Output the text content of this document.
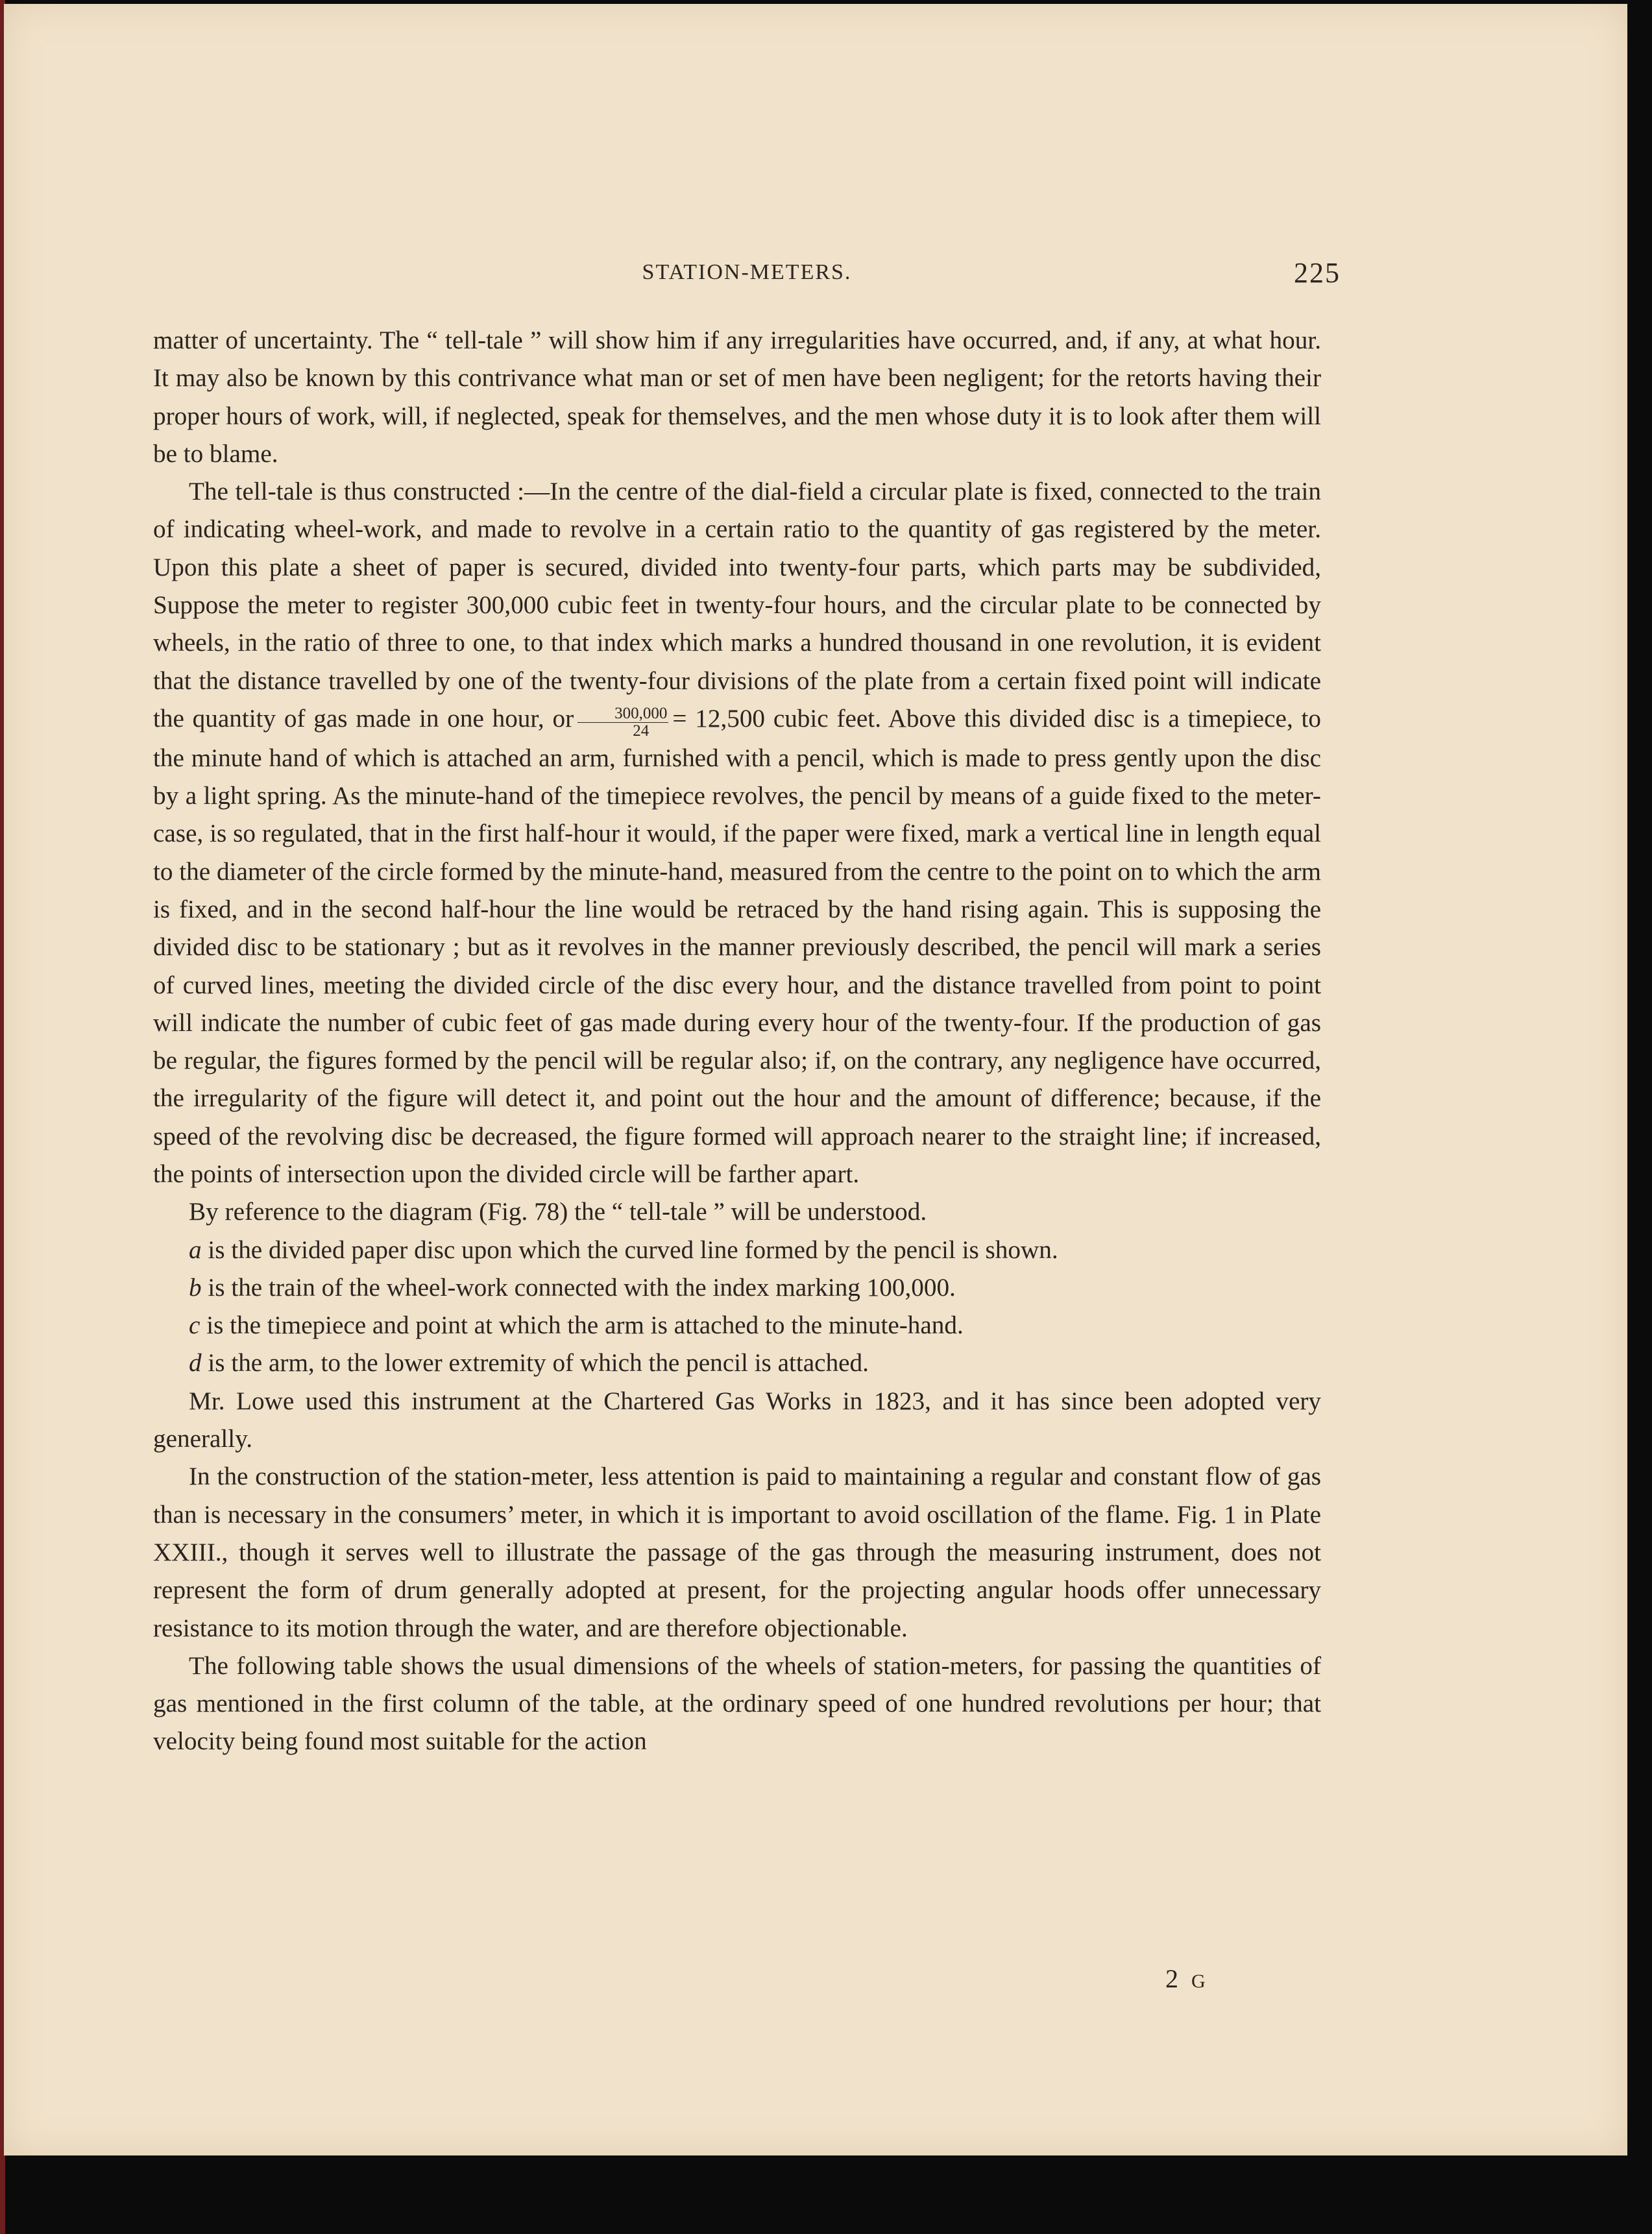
STATION-METERS.	225

matter of uncertainty. The “ tell-tale ” will show him if any irregularities have occurred, and, if any, at what hour. It may also be known by this contrivance what man or set of men have been negligent; for the retorts having their proper hours of work, will, if neglected, speak for themselves, and the men whose duty it is to look after them will be to blame.

The tell-tale is thus constructed :—In the centre of the dial-field a circular plate is fixed, connected to the train of indicating wheel-work, and made to revolve in a certain ratio to the quantity of gas registered by the meter. Upon this plate a sheet of paper is secured, divided into twenty-four parts, which parts may be subdivided, Suppose the meter to register 300,000 cubic feet in twenty-four hours, and the circular plate to be connected by wheels, in the ratio of three to one, to that index which marks a hundred thousand in one revolution, it is evident that the distance travelled by one of the twenty-four divisions of the plate from a certain fixed point will indicate the quantity of gas made in one hour, or $\frac{300,000}{24} = 12,500$ cubic feet. Above this divided disc is a timepiece, to the minute hand of which is attached an arm, furnished with a pencil, which is made to press gently upon the disc by a light spring. As the minute-hand of the timepiece revolves, the pencil by means of a guide fixed to the meter-case, is so regulated, that in the first half-hour it would, if the paper were fixed, mark a vertical line in length equal to the diameter of the circle formed by the minute-hand, measured from the centre to the point on to which the arm is fixed, and in the second half-hour the line would be retraced by the hand rising again. This is supposing the divided disc to be stationary ; but as it revolves in the manner previously described, the pencil will mark a series of curved lines, meeting the divided circle of the disc every hour, and the distance travelled from point to point will indicate the number of cubic feet of gas made during every hour of the twenty-four. If the production of gas be regular, the figures formed by the pencil will be regular also; if, on the contrary, any negligence have occurred, the irregularity of the figure will detect it, and point out the hour and the amount of difference; because, if the speed of the revolving disc be decreased, the figure formed will approach nearer to the straight line; if increased, the points of intersection upon the divided circle will be farther apart.

By reference to the diagram (Fig. 78) the “ tell-tale ” will be understood.

a is the divided paper disc upon which the curved line formed by the pencil is shown.

b is the train of the wheel-work connected with the index marking 100,000.

c is the timepiece and point at which the arm is attached to the minute-hand.

d is the arm, to the lower extremity of which the pencil is attached.

Mr. Lowe used this instrument at the Chartered Gas Works in 1823, and it has since been adopted very generally.

In the construction of the station-meter, less attention is paid to maintaining a regular and constant flow of gas than is necessary in the consumers’ meter, in which it is important to avoid oscillation of the flame. Fig. 1 in Plate XXIII., though it serves well to illustrate the passage of the gas through the measuring instrument, does not represent the form of drum generally adopted at present, for the projecting angular hoods offer unnecessary resistance to its motion through the water, and are therefore objectionable.

The following table shows the usual dimensions of the wheels of station-meters, for passing the quantities of gas mentioned in the first column of the table, at the ordinary speed of one hundred revolutions per hour; that velocity being found most suitable for the action

2G
